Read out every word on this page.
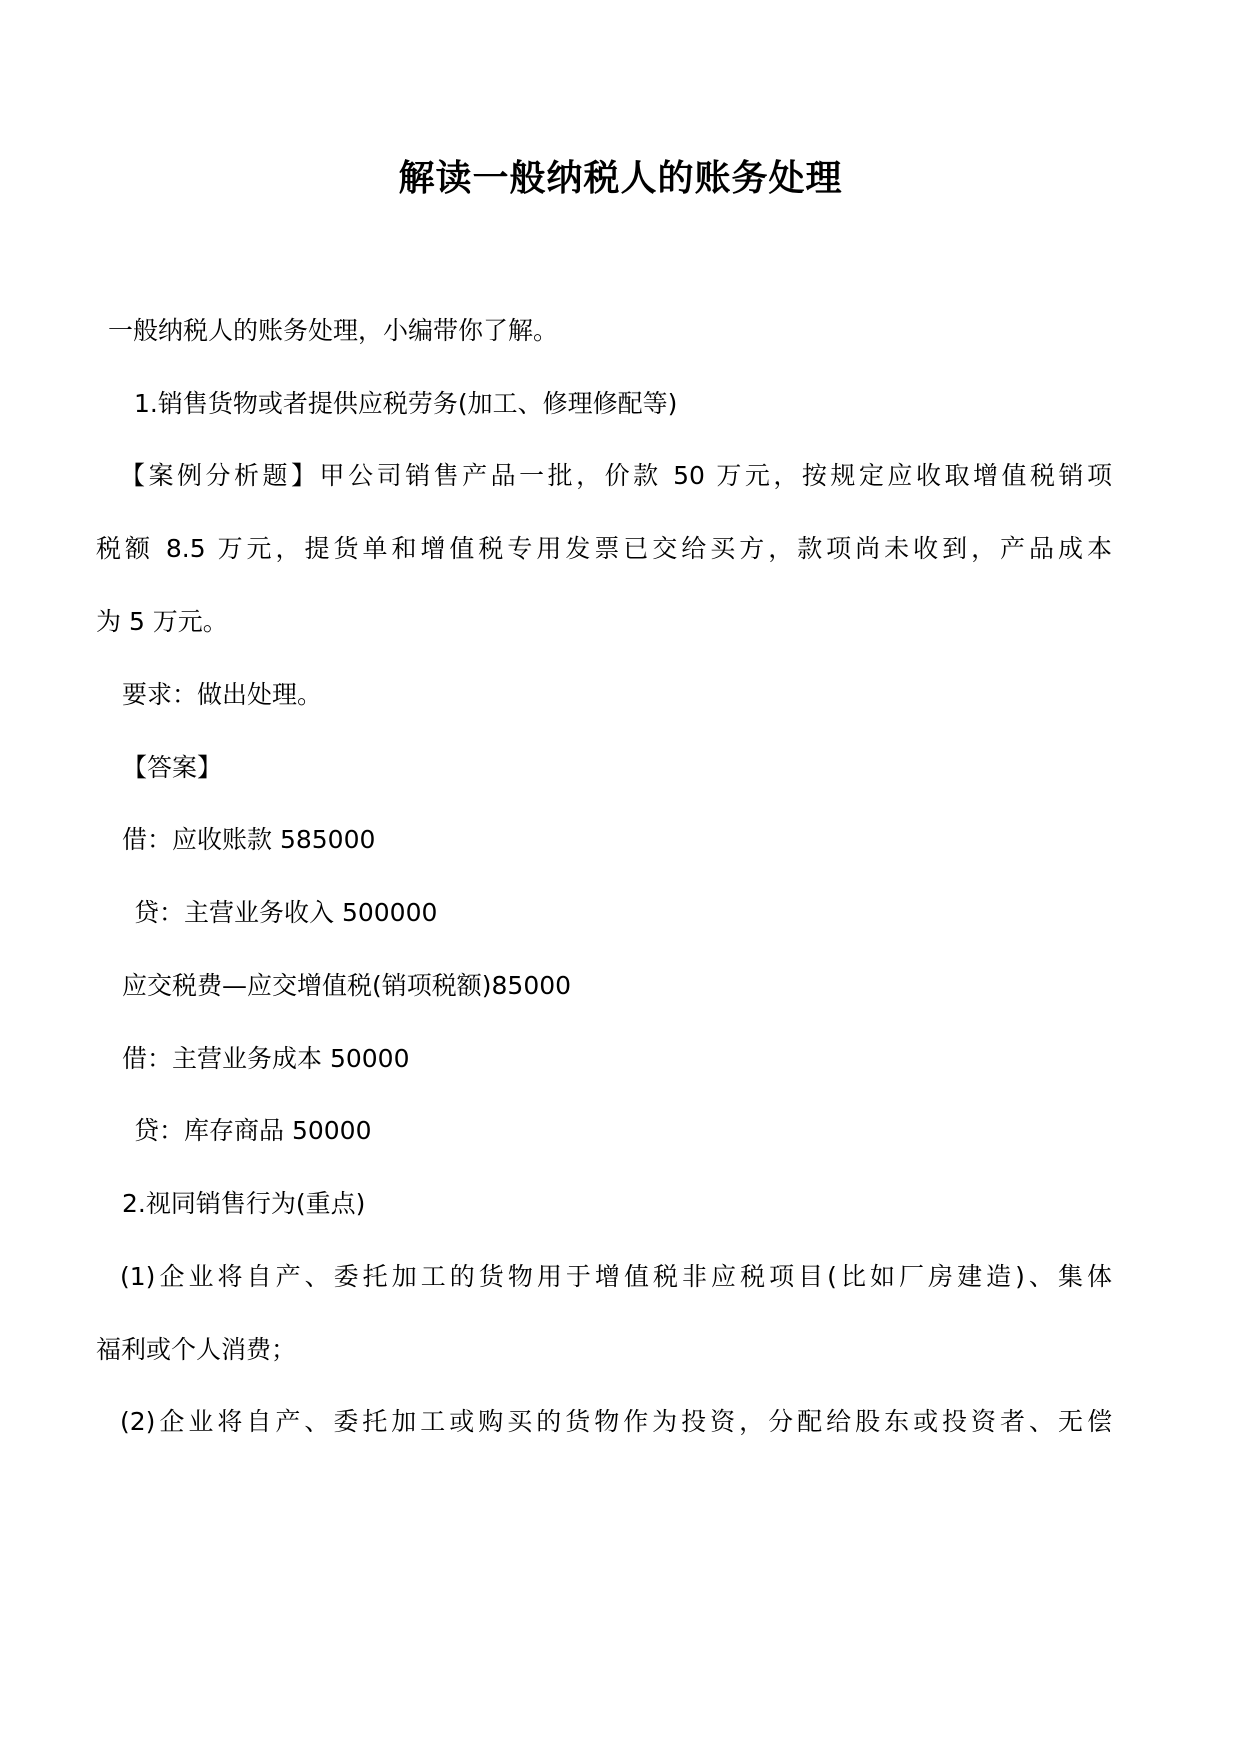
解读一般纳税人的账务处理
一般纳税人的账务处理，小编带你了解。
1.销售货物或者提供应税劳务(加工、修理修配等)
【案例分析题】甲公司销售产品一批，价款 50 万元，按规定应收取增值税销项
税额 8.5 万元，提货单和增值税专用发票已交给买方，款项尚未收到，产品成本
为 5 万元。
要求：做出处理。
【答案】
借：应收账款 585000
贷：主营业务收入 500000
应交税费—应交增值税(销项税额)85000
借：主营业务成本 50000
贷：库存商品 50000
2.视同销售行为(重点)
(1)企业将自产、委托加工的货物用于增值税非应税项目(比如厂房建造)、集体
福利或个人消费；
(2)企业将自产、委托加工或购买的货物作为投资，分配给股东或投资者、无偿
